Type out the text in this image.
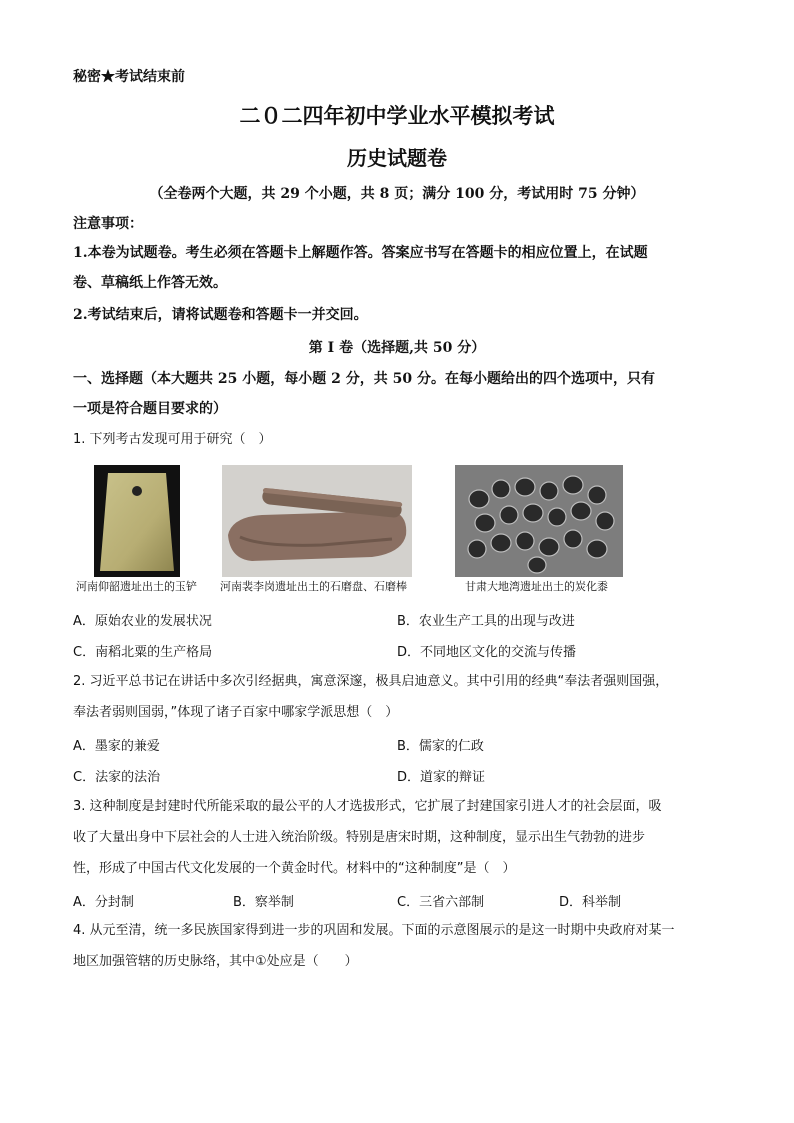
秘密★考试结束前
二０二四年初中学业水平模拟考试
历史试题卷
（全卷两个大题，共 29 个小题，共 8 页；满分 100 分，考试用时 75 分钟）
注意事项：
1.本卷为试题卷。考生必须在答题卡上解题作答。答案应书写在答题卡的相应位置上，在试题
卷、草稿纸上作答无效。
2.考试结束后，请将试题卷和答题卡一并交回。
第 I 卷（选择题,共 50 分）
一、选择题（本大题共 25 小题，每小题 2 分，共 50 分。在每小题给出的四个选项中，只有
一项是符合题目要求的）
1. 下列考古发现可用于研究（　）
河南仰韶遗址出土的玉铲 河南裴李岗遗址出土的石磨盘、石磨棒	甘肃大地湾遗址出土的炭化黍
A．原始农业的发展状况	B．农业生产工具的出现与改进
C．南稻北粟的生产格局	D．不同地区文化的交流与传播
2. 习近平总书记在讲话中多次引经据典，寓意深邃，极具启迪意义。其中引用的经典“奉法者强则国强，
奉法者弱则国弱，”体现了诸子百家中哪家学派思想（　）
A．墨家的兼爱	B．儒家的仁政
C．法家的法治	D．道家的辩证
3. 这种制度是封建时代所能采取的最公平的人才选拔形式，它扩展了封建国家引进人才的社会层面，吸
收了大量出身中下层社会的人士进入统治阶级。特别是唐宋时期，这种制度，显示出生气勃勃的进步
性，形成了中国古代文化发展的一个黄金时代。材料中的“这种制度”是（　）
A．分封制	B．察举制	C．三省六部制	D．科举制
4. 从元至清，统一多民族国家得到进一步的巩固和发展。下面的示意图展示的是这一时期中央政府对某一
地区加强管辖的历史脉络，其中①处应是（　　）
